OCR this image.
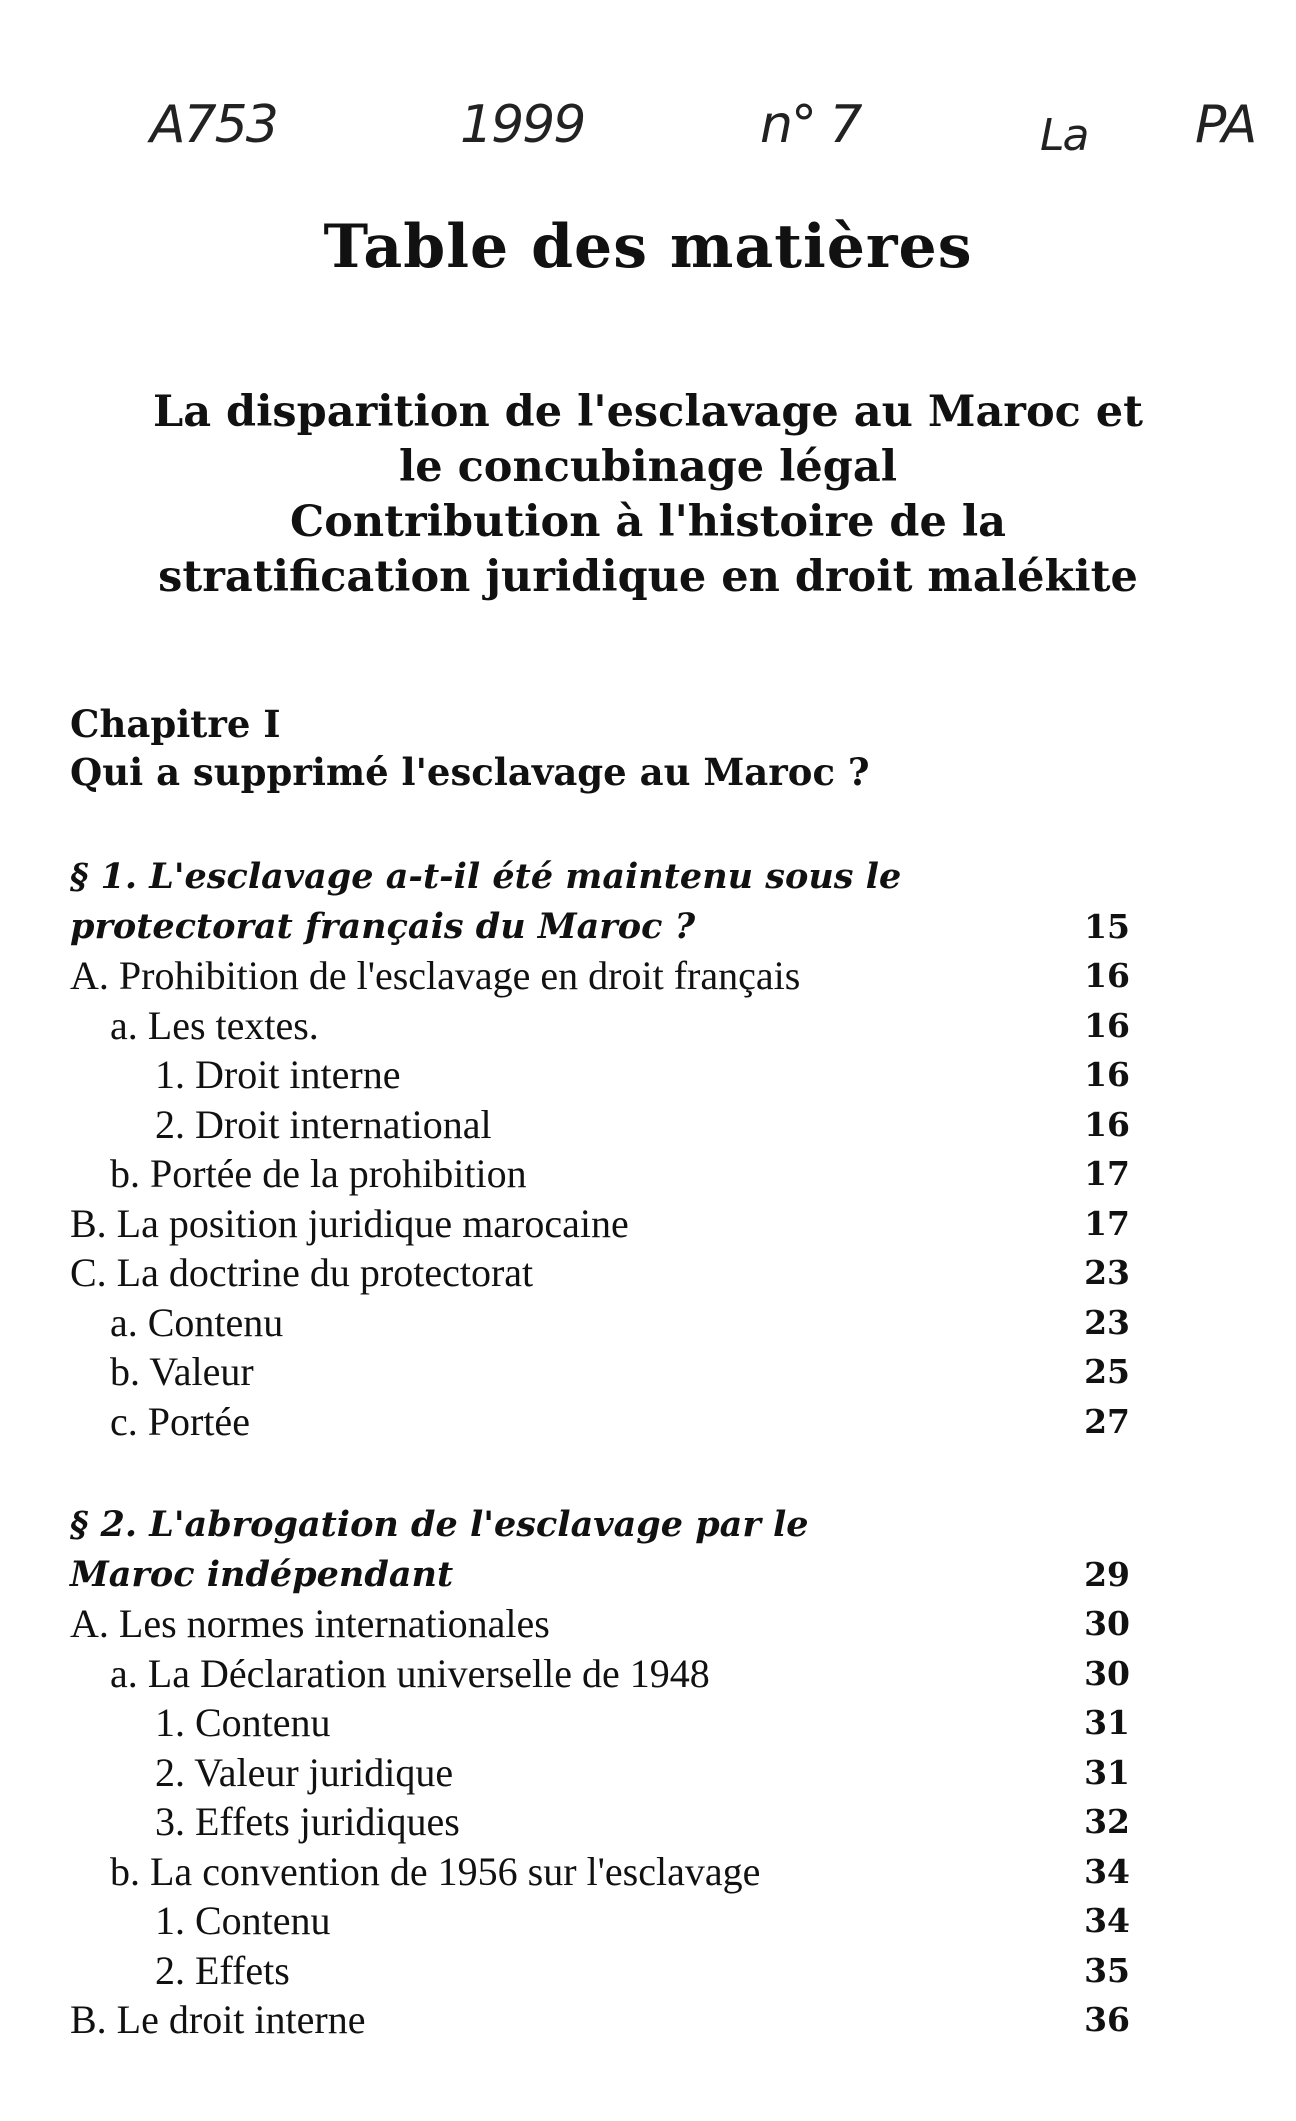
A753	1999	n° 7	La PA
Table des matières
La disparition de l'esclavage au Maroc et
le concubinage légal
Contribution à l'histoire de la
stratification juridique en droit malékite
Chapitre I
Qui a supprimé l'esclavage au Maroc ?
§ 1. L'esclavage a-t-il été maintenu sous le
protectorat français du Maroc ?	15
A. Prohibition de l'esclavage en droit français	16
a. Les textes.	16
1. Droit interne	16
2. Droit international	16
b. Portée de la prohibition	17
B. La position juridique marocaine	17
C. La doctrine du protectorat	23
a. Contenu	23
b. Valeur	25
c. Portée	27
§ 2. L'abrogation de l'esclavage par le
Maroc indépendant	29
A. Les normes internationales	30
a. La Déclaration universelle de 1948	30
1. Contenu	31
2. Valeur juridique	31
3. Effets juridiques	32
b. La convention de 1956 sur l'esclavage	34
1. Contenu	34
2. Effets	35
B. Le droit interne	36
